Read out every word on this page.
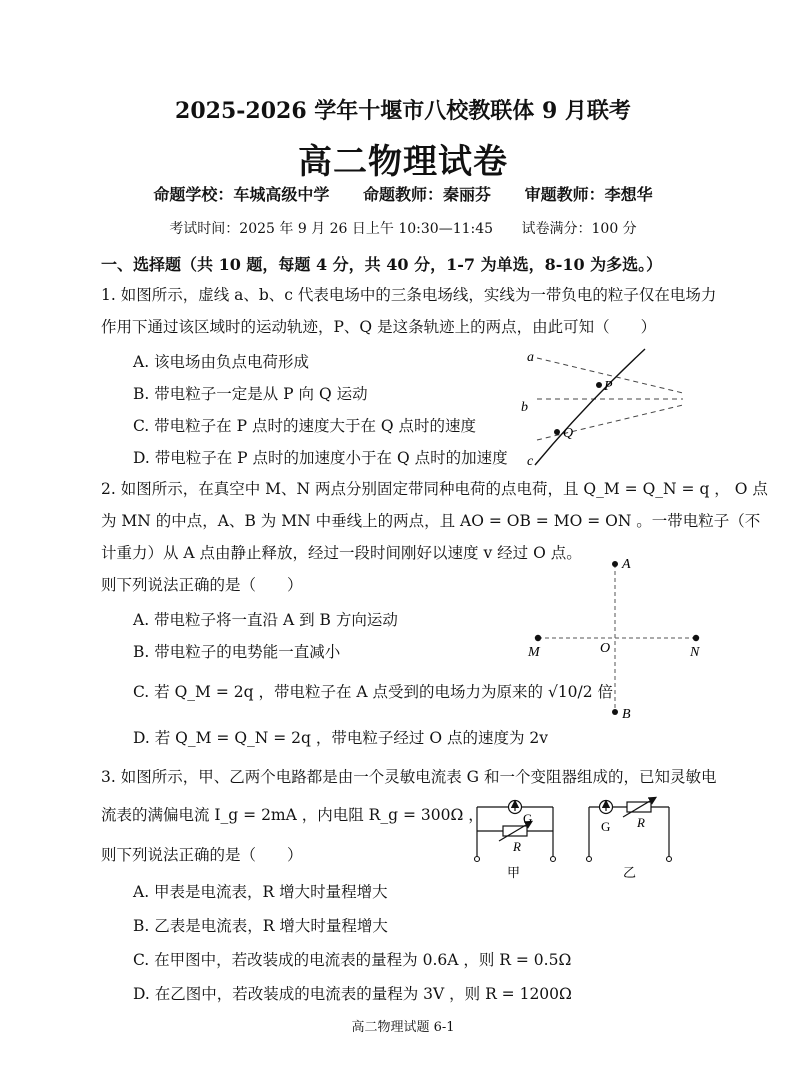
2025-2026 学年十堰市八校教联体 9 月联考
高二物理试卷
命题学校：车城高级中学 命题教师：秦丽芬 审题教师：李想华
考试时间：2025 年 9 月 26 日上午 10:30—11:45 试卷满分：100 分
一、选择题（共 10 题，每题 4 分，共 40 分，1-7 为单选，8-10 为多选。）
1. 如图所示，虚线 a、b、c 代表电场中的三条电场线，实线为一带负电的粒子仅在电场力
作用下通过该区域时的运动轨迹，P、Q 是这条轨迹上的两点，由此可知（　　）
A. 该电场由负点电荷形成
B. 带电粒子一定是从 P 向 Q 运动
C. 带电粒子在 P 点时的速度大于在 Q 点时的速度
D. 带电粒子在 P 点时的加速度小于在 Q 点时的加速度
a
b
c
P
Q
2. 如图所示，在真空中 M、N 两点分别固定带同种电荷的点电荷，且 Q_M = Q_N = q ， O 点
为 MN 的中点，A、B 为 MN 中垂线上的两点，且 AO = OB = MO = ON 。一带电粒子（不
计重力）从 A 点由静止释放，经过一段时间刚好以速度 v 经过 O 点。
则下列说法正确的是（　　）
A. 带电粒子将一直沿 A 到 B 方向运动
B. 带电粒子的电势能一直减小
C. 若 Q_M = 2q ，带电粒子在 A 点受到的电场力为原来的 √10/2 倍
D. 若 Q_M = Q_N = 2q ，带电粒子经过 O 点的速度为 2v
A
B
M	N
O
3. 如图所示，甲、乙两个电路都是由一个灵敏电流表 G 和一个变阻器组成的，已知灵敏电
流表的满偏电流 I_g = 2mA ，内电阻 R_g = 300Ω ，
则下列说法正确的是（　　）
A. 甲表是电流表，R 增大时量程增大
B. 乙表是电流表，R 增大时量程增大
C. 在甲图中，若改装成的电流表的量程为 0.6A ，则 R = 0.5Ω
D. 在乙图中，若改装成的电流表的量程为 3V ，则 R = 1200Ω
G
R
甲
G R
乙
高二物理试题 6-1
